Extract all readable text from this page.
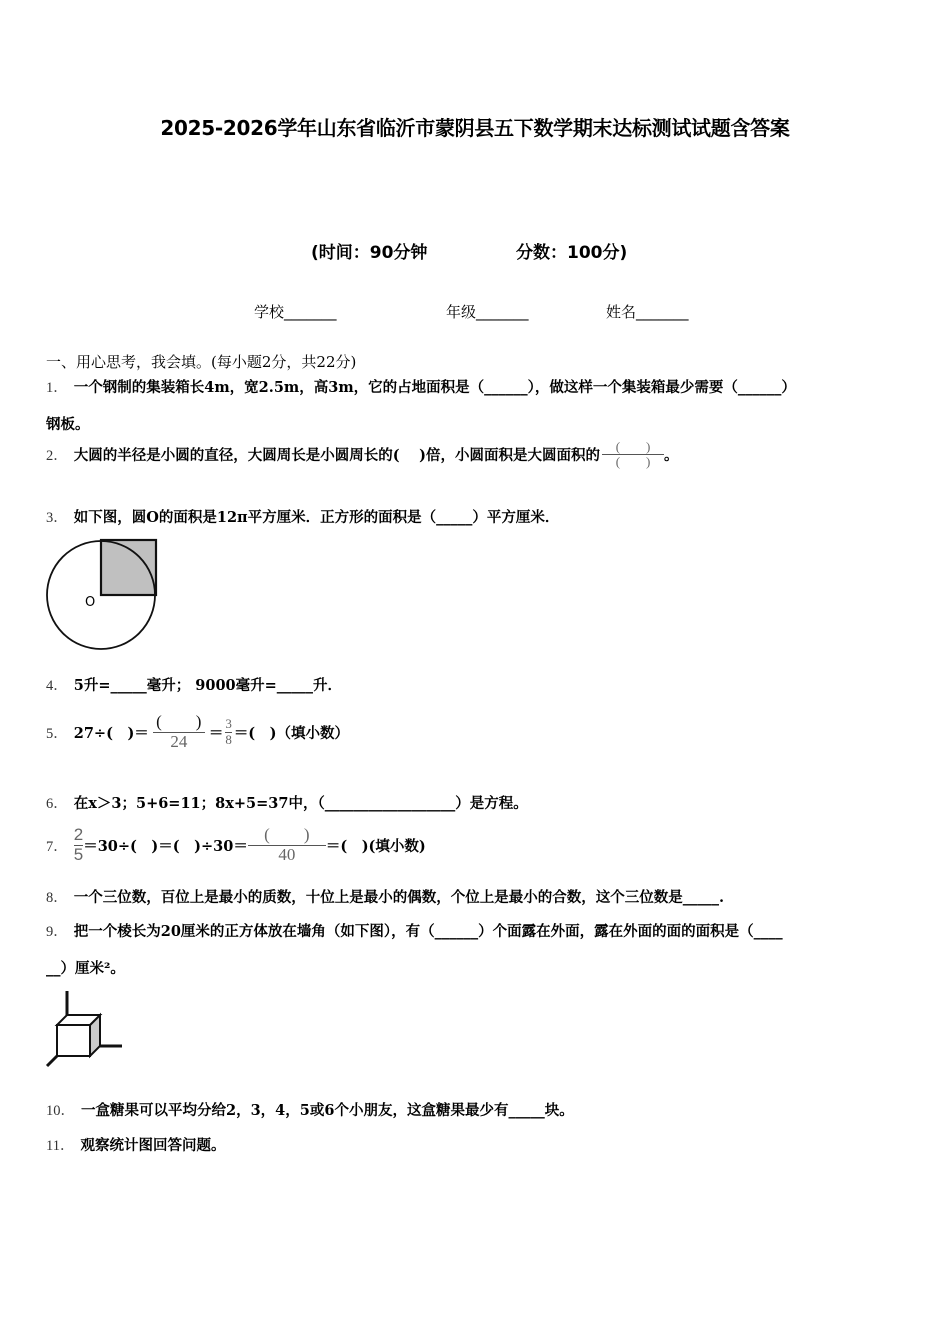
2025-2026学年山东省临沂市蒙阴县五下数学期末达标测试试题含答案
(时间：90分钟	分数：100分)
学校_______	年级_______	姓名_______
一、用心思考，我会填。(每小题2分，共22分)
1． 一个钢制的集装箱长4m，宽2.5m，高3m，它的占地面积是（______），做这样一个集装箱最少需要（______）
钢板。
2． 大圆的半径是小圆的直径，大圆周长是小圆周长的(　 )倍，小圆面积是大圆面积的 $\frac{( )}{( )}$ 。
3． 如下图，圆O的面积是12π平方厘米．正方形的面积是（_____）平方厘米．
O
4． 5升=_____毫升； 9000毫升=_____升．
5． 27÷(　)＝ $\frac{( )}{24} = \frac{3}{8}$ ＝(　)（填小数）
6． 在x＞3；5+6=11；8x+5=37中，（__________________）是方程。
7． $\frac{2}{5} =30\div$(　)＝(　)$\div 30= \frac{( )}{40}$ ＝(　)(填小数)
8． 一个三位数，百位上是最小的质数，十位上是最小的偶数，个位上是最小的合数，这个三位数是_____.
9． 把一个棱长为20厘米的正方体放在墙角（如下图），有（______）个面露在外面，露在外面的面的面积是（____
__）厘米²。
10． 一盒糖果可以平均分给2，3，4，5或6个小朋友，这盒糖果最少有_____块。
11． 观察统计图回答问题。
